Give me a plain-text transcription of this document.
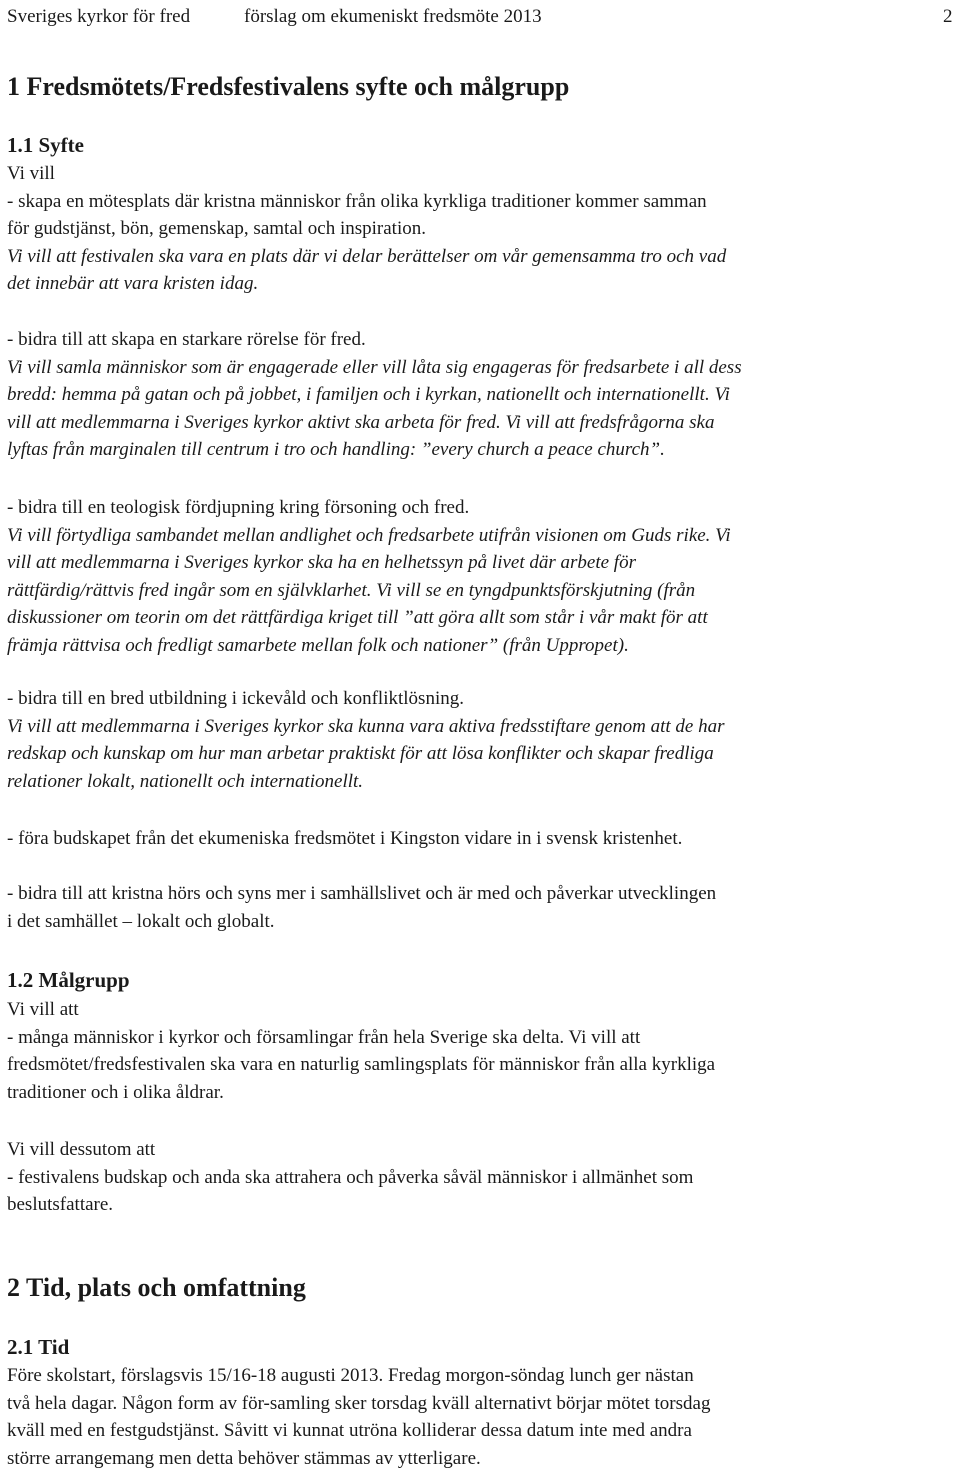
Sveriges kyrkor för fred	förslag om ekumeniskt fredsmöte 2013	2
1 Fredsmötets/Fredsfestivalens syfte och målgrupp
1.1 Syfte
Vi vill
- skapa en mötesplats där kristna människor från olika kyrkliga traditioner kommer samman
för gudstjänst, bön, gemenskap, samtal och inspiration.
Vi vill att festivalen ska vara en plats där vi delar berättelser om vår gemensamma tro och vad
det innebär att vara kristen idag.
- bidra till att skapa en starkare rörelse för fred.
Vi vill samla människor som är engagerade eller vill låta sig engageras för fredsarbete i all dess
bredd: hemma på gatan och på jobbet, i familjen och i kyrkan, nationellt och internationellt. Vi
vill att medlemmarna i Sveriges kyrkor aktivt ska arbeta för fred. Vi vill att fredsfrågorna ska
lyftas från marginalen till centrum i tro och handling: ”every church a peace church”.
- bidra till en teologisk fördjupning kring försoning och fred.
Vi vill förtydliga sambandet mellan andlighet och fredsarbete utifrån visionen om Guds rike. Vi
vill att medlemmarna i Sveriges kyrkor ska ha en helhetssyn på livet där arbete för
rättfärdig/rättvis fred ingår som en självklarhet. Vi vill se en tyngdpunktsförskjutning (från
diskussioner om teorin om det rättfärdiga kriget till ”att göra allt som står i vår makt för att
främja rättvisa och fredligt samarbete mellan folk och nationer” (från Uppropet).
- bidra till en bred utbildning i ickevåld och konfliktlösning.
Vi vill att medlemmarna i Sveriges kyrkor ska kunna vara aktiva fredsstiftare genom att de har
redskap och kunskap om hur man arbetar praktiskt för att lösa konflikter och skapar fredliga
relationer lokalt, nationellt och internationellt.
- föra budskapet från det ekumeniska fredsmötet i Kingston vidare in i svensk kristenhet.
- bidra till att kristna hörs och syns mer i samhällslivet och är med och påverkar utvecklingen
i det samhället – lokalt och globalt.
1.2 Målgrupp
Vi vill att
- många människor i kyrkor och församlingar från hela Sverige ska delta. Vi vill att
fredsmötet/fredsfestivalen ska vara en naturlig samlingsplats för människor från alla kyrkliga
traditioner och i olika åldrar.
Vi vill dessutom att
- festivalens budskap och anda ska attrahera och påverka såväl människor i allmänhet som
beslutsfattare.
2 Tid, plats och omfattning
2.1 Tid
Före skolstart, förslagsvis 15/16-18 augusti 2013. Fredag morgon-söndag lunch ger nästan
två hela dagar. Någon form av för-samling sker torsdag kväll alternativt börjar mötet torsdag
kväll med en festgudstjänst. Såvitt vi kunnat utröna kolliderar dessa datum inte med andra
större arrangemang men detta behöver stämmas av ytterligare.
